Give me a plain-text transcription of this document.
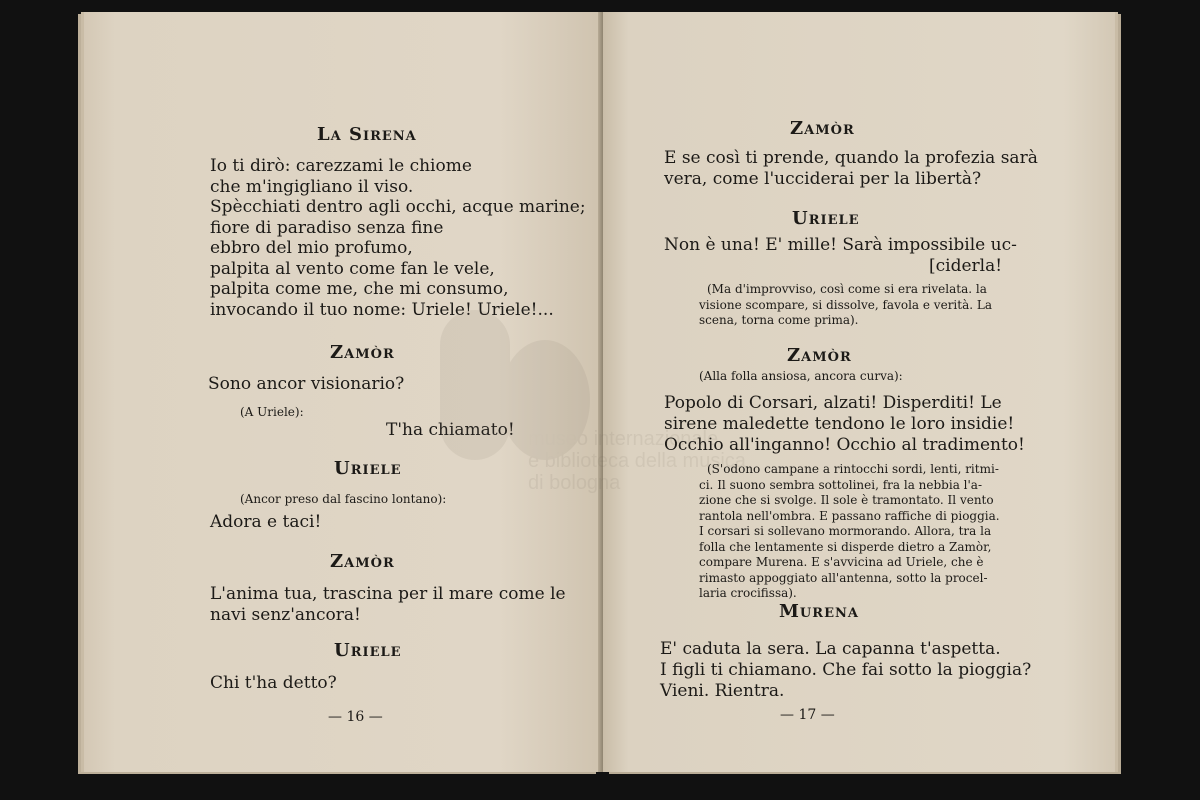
La Sirena
Io ti dirò: carezzami le chiome
che m'ingigliano il viso.
Spècchiati dentro agli occhi, acque marine;
fiore di paradiso senza fine
ebbro del mio profumo,
palpita al vento come fan le vele,
palpita come me, che mi consumo,
invocando il tuo nome: Uriele! Uriele!...
Zamòr
Sono ancor visionario?
(A Uriele):
T'ha chiamato!
Uriele
(Ancor preso dal fascino lontano):
Adora e taci!
Zamòr
L'anima tua, trascina per il mare come le
navi senz'ancora!
Uriele
Chi t'ha detto?
— 16 —
Zamòr
E se così ti prende, quando la profezia sarà
vera, come l'ucciderai per la libertà?
Uriele
Non è una! E' mille! Sarà impossibile uc-
[ciderla!
(Ma d'improvviso, così come si era rivelata. la
visione scompare, si dissolve, favola e verità. La
scena, torna come prima).
Zamòr
(Alla folla ansiosa, ancora curva):
Popolo di Corsari, alzati! Disperditi! Le
sirene maledette tendono le loro insidie!
Occhio all'inganno! Occhio al tradimento!
(S'odono campane a rintocchi sordi, lenti, ritmi-
ci. Il suono sembra sottolinei, fra la nebbia l'a-
zione che si svolge. Il sole è tramontato. Il vento
rantola nell'ombra. E passano raffiche di pioggia.
I corsari si sollevano mormorando. Allora, tra la
folla che lentamente si disperde dietro a Zamòr,
compare Murena. E s'avvicina ad Uriele, che è
rimasto appoggiato all'antenna, sotto la procel-
laria crocifissa).
Murena
E' caduta la sera. La capanna t'aspetta.
I figli ti chiamano. Che fai sotto la pioggia?
Vieni. Rientra.
— 17 —
